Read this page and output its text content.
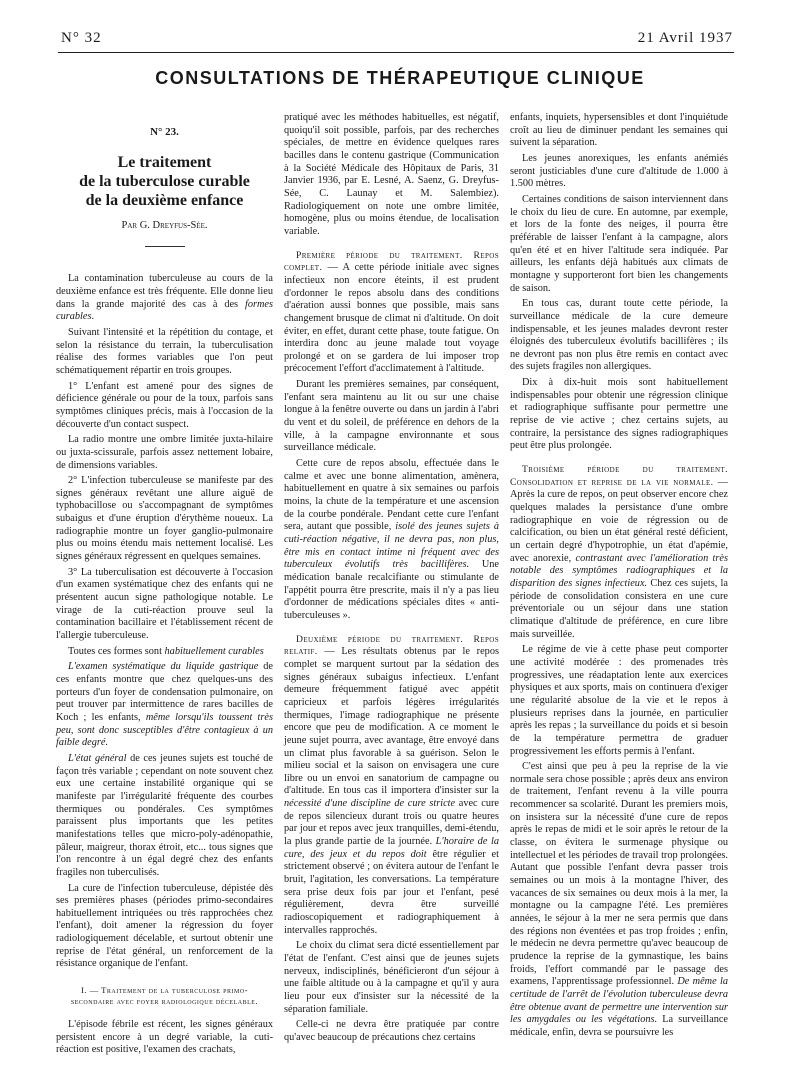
N° 32	21 Avril 1937
CONSULTATIONS DE THÉRAPEUTIQUE CLINIQUE
N° 23.
Le traitement
de la tuberculose curable
de la deuxième enfance
Par G. Dreyfus-Sée.

La contamination tuberculeuse au cours de la deuxième enfance est très fréquente. Elle donne lieu dans la grande majorité des cas à des formes curables.

Suivant l'intensité et la répétition du contage, et selon la résistance du terrain, la tuberculisation réalise des formes variables que l'on peut schématiquement répartir en trois groupes.

1° L'enfant est amené pour des signes de déficience générale ou pour de la toux, parfois sans symptômes cliniques précis, mais à l'occasion de la découverte d'un contact suspect.

La radio montre une ombre limitée juxta-hilaire ou juxta-scissurale, parfois assez nettement lobaire, de dimensions variables.

2° L'infection tuberculeuse se manifeste par des signes généraux revêtant une allure aiguë de typhobacillose ou s'accompagnant de symptômes subaigus et d'une éruption d'érythème noueux. La radiographie montre un foyer ganglio-pulmonaire plus ou moins étendu mais nettement localisé. Les signes généraux régressent en quelques semaines.

3° La tuberculisation est découverte à l'occasion d'un examen systématique chez des enfants qui ne présentent aucun signe pathologique notable. Le virage de la cuti-réaction prouve seul la contamination bacillaire et l'établissement récent de l'allergie tuberculeuse.

Toutes ces formes sont habituellement curables

L'examen systématique du liquide gastrique de ces enfants montre que chez quelques-uns des porteurs d'un foyer de condensation pulmonaire, on peut trouver par intermittence de rares bacilles de Koch ; les enfants, même lorsqu'ils toussent très peu, sont donc susceptibles d'être contagieux à un faible degré.

L'état général de ces jeunes sujets est touché de façon très variable ; cependant on note souvent chez eux une certaine instabilité organique qui se manifeste par l'irrégularité fréquente des courbes thermiques ou pondérales. Ces symptômes paraissent plus importants que les petites manifestations telles que micro-poly-adénopathie, pâleur, maigreur, thorax étroit, etc... tous signes que l'on rencontre à un égal degré chez des enfants fragiles non tuberculisés.

La cure de l'infection tuberculeuse, dépistée dès ses premières phases (périodes primo-secondaires habituellement intriquées ou très rapprochées chez l'enfant), doit amener la régression du foyer radiologiquement décelable, et surtout obtenir une reprise de l'état général, un renforcement de la résistance organique de l'enfant.

I. — Traitement de la tuberculose primo-secondaire avec foyer radiologique décelable.

L'épisode fébrile est récent, les signes généraux persistent encore à un degré variable, la cuti-réaction est positive, l'examen des crachats,

pratiqué avec les méthodes habituelles, est négatif, quoiqu'il soit possible, parfois, par des recherches spéciales, de mettre en évidence quelques rares bacilles dans le contenu gastrique (Communication à la Société Médicale des Hôpitaux de Paris, 31 Janvier 1936, par E. Lesné, A. Saenz, G. Dreyfus-Sée, C. Launay et M. Salembiez). Radiologiquement on note une ombre limitée, homogène, plus ou moins étendue, de localisation variable.

Première période du traitement. Repos complet. — A cette période initiale avec signes infectieux non encore éteints, il est prudent d'ordonner le repos absolu dans des conditions d'aération aussi bonnes que possible, mais sans changement brusque de climat ni d'altitude. On doit éviter, en effet, durant cette phase, toute fatigue. On interdira donc au jeune malade tout voyage prolongé et on se gardera de lui imposer trop précocement l'effort d'acclimatement à l'altitude.

Durant les premières semaines, par conséquent, l'enfant sera maintenu au lit ou sur une chaise longue à la fenêtre ouverte ou dans un jardin à l'abri du vent et du soleil, de préférence en dehors de la ville, à la campagne environnante et sous surveillance médicale.

Cette cure de repos absolu, effectuée dans le calme et avec une bonne alimentation, amènera, habituellement en quatre à six semaines ou parfois moins, la chute de la température et une ascension de la courbe pondérale. Pendant cette cure l'enfant sera, autant que possible, isolé des jeunes sujets à cuti-réaction négative, il ne devra pas, non plus, être mis en contact intime ni fréquent avec des tuberculeux évolutifs très bacillifères. Une médication banale recalcifiante ou stimulante de l'appétit pourra être prescrite, mais il n'y a pas lieu d'ordonner de médications spéciales dites « anti-tuberculeuses ».

Deuxième période du traitement. Repos relatif. — Les résultats obtenus par le repos complet se marquent surtout par la sédation des signes généraux subaigus infectieux. L'enfant demeure fréquemment fatigué avec appétit capricieux et parfois légères irrégularités thermiques, l'image radiographique ne présente encore que peu de modification. A ce moment le jeune sujet pourra, avec avantage, être envoyé dans un climat plus favorable à sa guérison. Selon le milieu social et la saison on envisagera une cure libre ou un envoi en sanatorium de campagne ou d'altitude. En tous cas il importera d'insister sur la nécessité d'une discipline de cure stricte avec cure de repos silencieux durant trois ou quatre heures par jour et repos avec jeux tranquilles, demi-étendu, la plus grande partie de la journée. L'horaire de la cure, des jeux et du repos doit être régulier et strictement observé ; on évitera autour de l'enfant le bruit, l'agitation, les conversations. La température sera prise deux fois par jour et l'enfant, pesé régulièrement, devra être surveillé radioscopiquement et radiographiquement à intervalles rapprochés.

Le choix du climat sera dicté essentiellement par l'état de l'enfant. C'est ainsi que de jeunes sujets nerveux, indisciplinés, bénéficieront d'un séjour à une faible altitude ou à la campagne et qu'il y aura lieu pour eux d'insister sur la nécessité de la séparation familiale.

Celle-ci ne devra être pratiquée par contre qu'avec beaucoup de précautions chez certains

enfants, inquiets, hypersensibles et dont l'inquiétude croît au lieu de diminuer pendant les semaines qui suivent la séparation.

Les jeunes anorexiques, les enfants anémiés seront justiciables d'une cure d'altitude de 1.000 à 1.500 mètres.

Certaines conditions de saison interviennent dans le choix du lieu de cure. En automne, par exemple, et lors de la fonte des neiges, il pourra être préférable de laisser l'enfant à la campagne, alors qu'en été et en hiver l'altitude sera indiquée. Par ailleurs, les enfants déjà habitués aux climats de montagne y supporteront fort bien les changements de saison.

En tous cas, durant toute cette période, la surveillance médicale de la cure demeure indispensable, et les jeunes malades devront rester éloignés des tuberculeux évolutifs bacillifères ; ils ne devront pas non plus être remis en contact avec des sujets fragiles non allergiques.

Dix à dix-huit mois sont habituellement indispensables pour obtenir une régression clinique et radiographique suffisante pour permettre une reprise de vie active ; chez certains sujets, au contraire, la persistance des signes radiographiques peut être plus prolongée.

Troisième période du traitement. Consolidation et reprise de la vie normale. — Après la cure de repos, on peut observer encore chez quelques malades la persistance d'une ombre radiographique en voie de régression ou de calcification, ou bien un état général resté déficient, un certain degré d'hypotrophie, un état d'apémie, avec anorexie, contrastant avec l'amélioration très notable des symptômes radiographiques et la disparition des signes infectieux. Chez ces sujets, la période de consolidation consistera en une cure préventoriale ou un séjour dans une station climatique d'altitude de préférence, en cure libre mais surveillée.

Le régime de vie à cette phase peut comporter une activité modérée : des promenades très progressives, une réadaptation lente aux exercices physiques et aux sports, mais on continuera d'exiger une régularité absolue de la vie et le repos à plusieurs reprises dans la journée, en particulier après les repas ; la surveillance du poids et si besoin de la température permettra de graduer progressivement les efforts permis à l'enfant.

C'est ainsi que peu à peu la reprise de la vie normale sera chose possible ; après deux ans environ de traitement, l'enfant revenu à la ville pourra recommencer sa scolarité. Durant les premiers mois, on insistera sur la nécessité d'une cure de repos après le repas de midi et le soir après le retour de la classe, on évitera le surmenage physique ou intellectuel et les périodes de travail trop prolongées. Autant que possible l'enfant devra passer trois semaines ou un mois à la montagne l'hiver, des vacances de six semaines ou deux mois à la mer, la montagne ou la campagne l'été. Les premières années, le séjour à la mer ne sera permis que dans des régions non éventées et pas trop froides ; enfin, le médecin ne devra permettre qu'avec beaucoup de prudence la reprise de la gymnastique, les bains froids, l'effort commandé par le passage des examens, l'apprentissage professionnel. De même la certitude de l'arrêt de l'évolution tuberculeuse devra être obtenue avant de permettre une intervention sur les amygdales ou les végétations. La surveillance médicale, enfin, devra se poursuivre les
